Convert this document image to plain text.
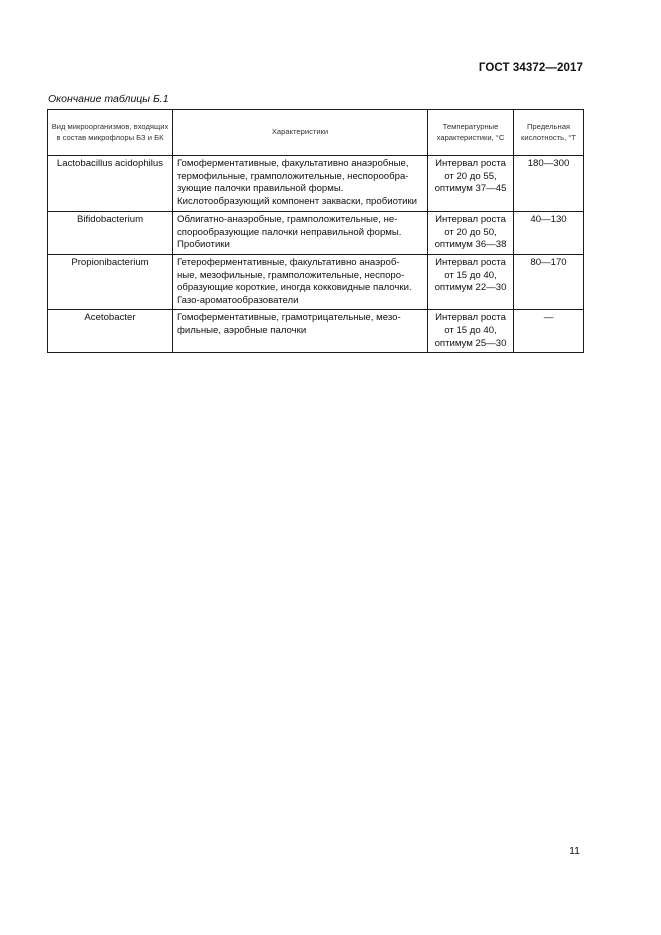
ГОСТ 34372—2017
Окончание таблицы Б.1
Вид микроорганизмов, входящих в состав микрофлоры БЗ и БК	Характеристики	Температурные характеристики, °С	Предельная кислотность, °Т
Lactobacillus acidophilus	Гомоферментативные, факультативно анаэробные,
термофильные, грамположительные, неспорообра-
зующие палочки правильной формы.
Кислотообразующий компонент закваски, пробиотики	Интервал роста
от 20 до 55,
оптимум 37—45	180—300
Bifidobacterium	Облигатно-анаэробные, грамположительные, не-
спорообразующие палочки неправильной формы.
Пробиотики	Интервал роста
от 20 до 50,
оптимум 36—38	40—130
Propionibacterium	Гетероферментативные, факультативно анаэроб-
ные, мезофильные, грамположительные, неспоро-
образующие короткие, иногда кокковидные палочки.
Газо-ароматообразователи	Интервал роста
от 15 до 40,
оптимум 22—30	80—170
Acetobacter	Гомоферментативные, грамотрицательные, мезо-
фильные, аэробные палочки	Интервал роста
от 15 до 40,
оптимум 25—30	—
11
